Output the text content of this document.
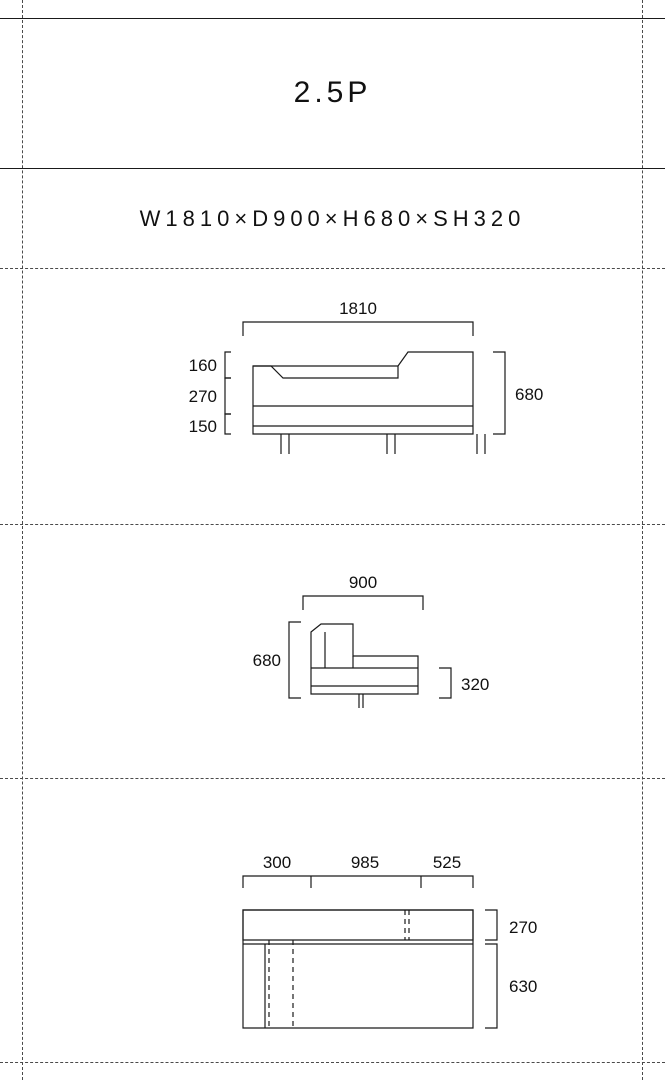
2.5P
W1810×D900×H680×SH320
1810
160
270
150
680
900
680
320
300	985	525
270
630
